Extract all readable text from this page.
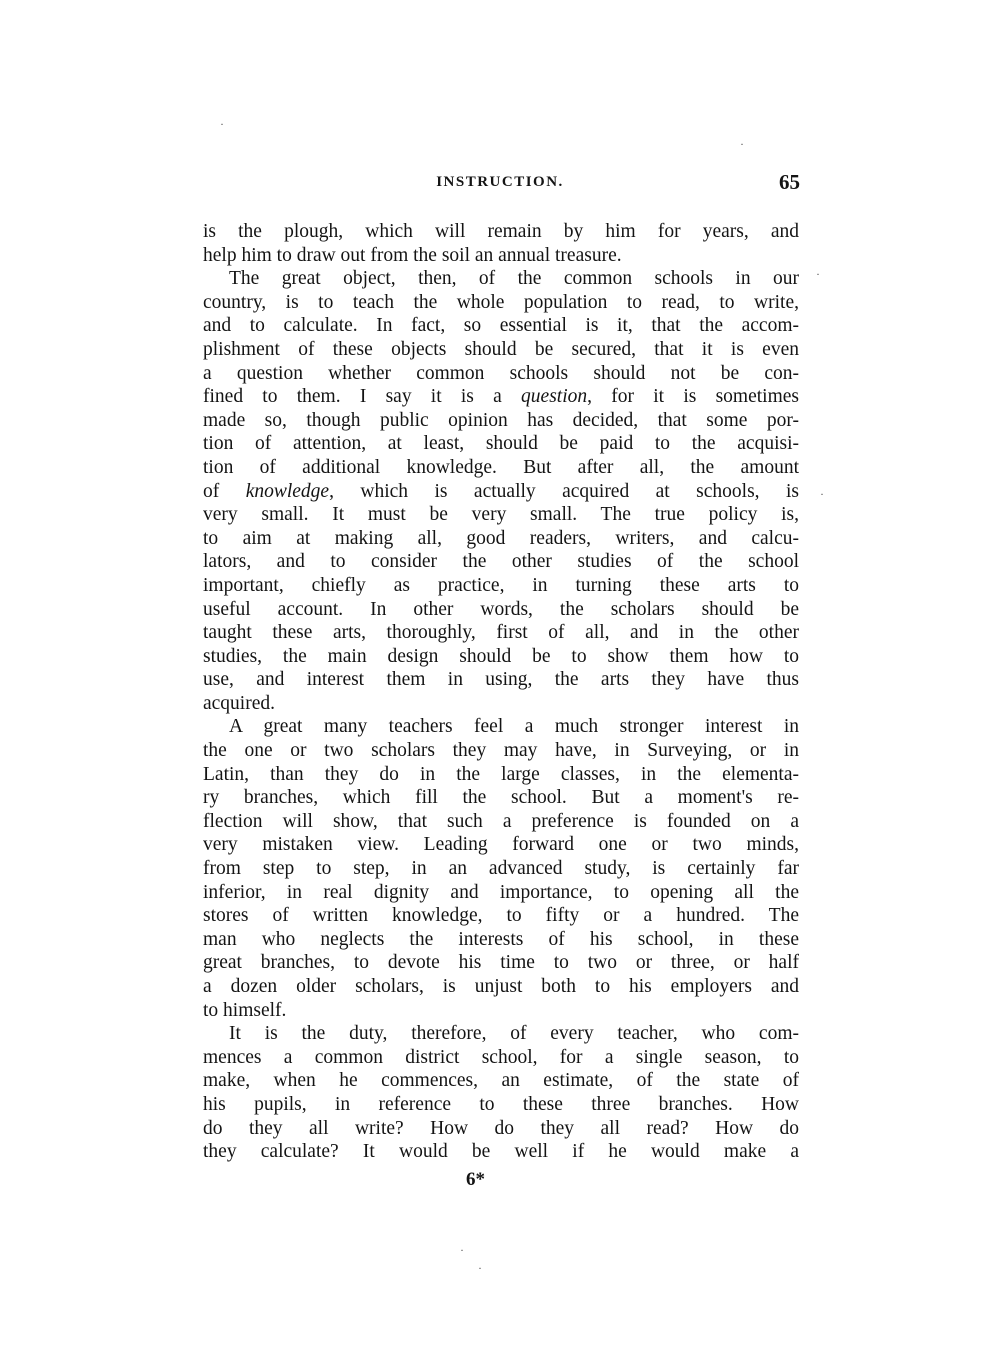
INSTRUCTION.	65
is the plough, which will remain by him for years, and
help him to draw out from the soil an annual treasure.
The great object, then, of the common schools in our
country, is to teach the whole population to read, to write,
and to calculate. In fact, so essential is it, that the accom-
plishment of these objects should be secured, that it is even
a question whether common schools should not be con-
fined to them. I say it is a question, for it is sometimes
made so, though public opinion has decided, that some por-
tion of attention, at least, should be paid to the acquisi-
tion of additional knowledge. But after all, the amount
of knowledge, which is actually acquired at schools, is
very small. It must be very small. The true policy is,
to aim at making all, good readers, writers, and calcu-
lators, and to consider the other studies of the school
important, chiefly as practice, in turning these arts to
useful account. In other words, the scholars should be
taught these arts, thoroughly, first of all, and in the other
studies, the main design should be to show them how to
use, and interest them in using, the arts they have thus
acquired.
A great many teachers feel a much stronger interest in
the one or two scholars they may have, in Surveying, or in
Latin, than they do in the large classes, in the elementa-
ry branches, which fill the school. But a moment's re-
flection will show, that such a preference is founded on a
very mistaken view. Leading forward one or two minds,
from step to step, in an advanced study, is certainly far
inferior, in real dignity and importance, to opening all the
stores of written knowledge, to fifty or a hundred. The
man who neglects the interests of his school, in these
great branches, to devote his time to two or three, or half
a dozen older scholars, is unjust both to his employers and
to himself.
It is the duty, therefore, of every teacher, who com-
mences a common district school, for a single season, to
make, when he commences, an estimate, of the state of
his pupils, in reference to these three branches. How
do they all write? How do they all read? How do
they calculate? It would be well if he would make a
6*
·
·
·
·
·
·
